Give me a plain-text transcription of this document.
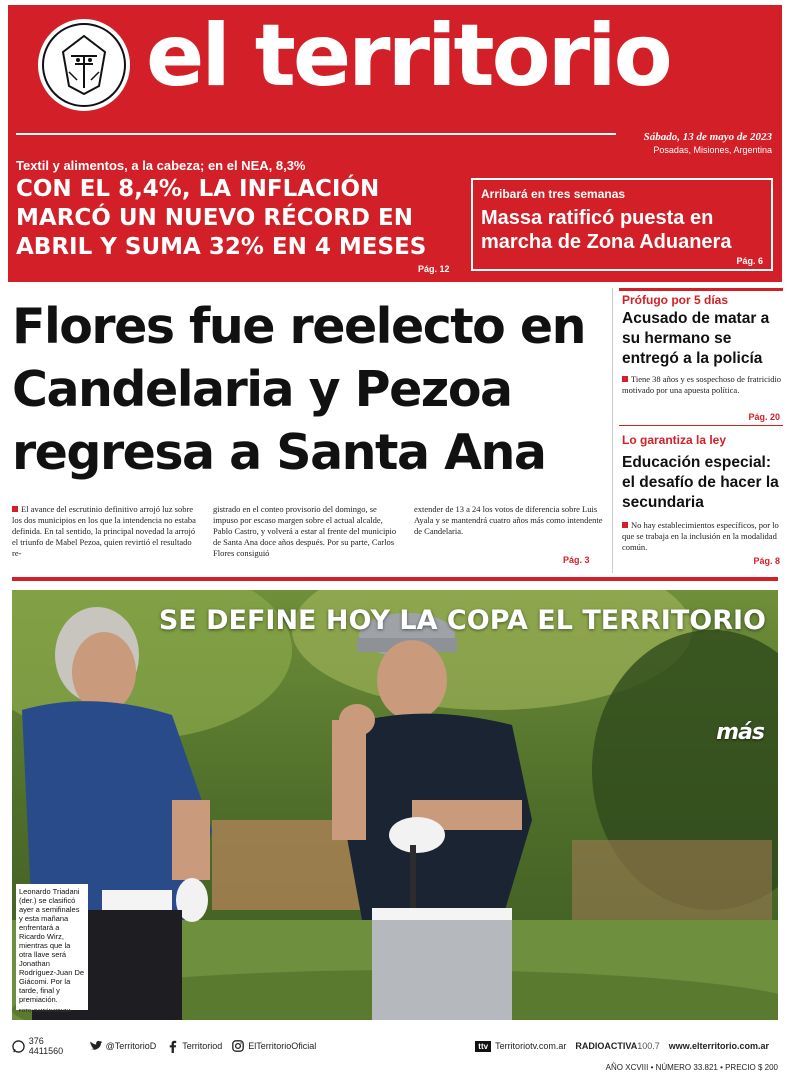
el territorio
Sábado, 13 de mayo de 2023
Posadas, Misiones, Argentina
Textil y alimentos, a la cabeza; en el NEA, 8,3%
CON EL 8,4%, LA INFLACIÓN MARCÓ UN NUEVO RÉCORD EN ABRIL Y SUMA 32% EN 4 MESES
Pág. 12
Arribará en tres semanas
Massa ratificó puesta en marcha de Zona Aduanera
Pág. 6
Flores fue reelecto en Candelaria y Pezoa regresa a Santa Ana
El avance del escrutinio definitivo arrojó luz sobre los dos municipios en los que la intendencia no estaba definida. En tal sentido, la principal novedad la arrojó el triunfo de Mabel Pezoa, quien revirtió el resultado re-
gistrado en el conteo provisorio del domingo, se impuso por escaso margen sobre el actual alcalde, Pablo Castro, y volverá a estar al frente del municipio de Santa Ana doce años después. Por su parte, Carlos Flores consiguió
extender de 13 a 24 los votos de diferencia sobre Luis Ayala y se mantendrá cuatro años más como intendente de Candelaria.
Pág. 3
Prófugo por 5 días
Acusado de matar a su hermano se entregó a la policía
Tiene 38 años y es sospechoso de fratricidio motivado por una apuesta política.
Pág. 20
Lo garantiza la ley
Educación especial: el desafío de hacer la secundaria
No hay establecimientos específicos, por lo que se trabaja en la inclusión en la modalidad común.
Pág. 8
SE DEFINE HOY LA COPA EL TERRITORIO
más
Leonardo Triadani (der.) se clasificó ayer a semifinales y esta mañana enfrentará a Ricardo Wirz, mientras que la otra llave será Jonathan Rodríguez-Juan De Giácomi. Por la tarde, final y premiación.
FOTO: DAMIÁN MOLINA
376 4411560	@TerritorioD	Territoriod	ElTerritorioOficial	ttv Territoriotv.com.ar RADIOACTIVA 100.7 www.elterritorio.com.ar
AÑO XCVIII • NÚMERO 33.821 • PRECIO $ 200
